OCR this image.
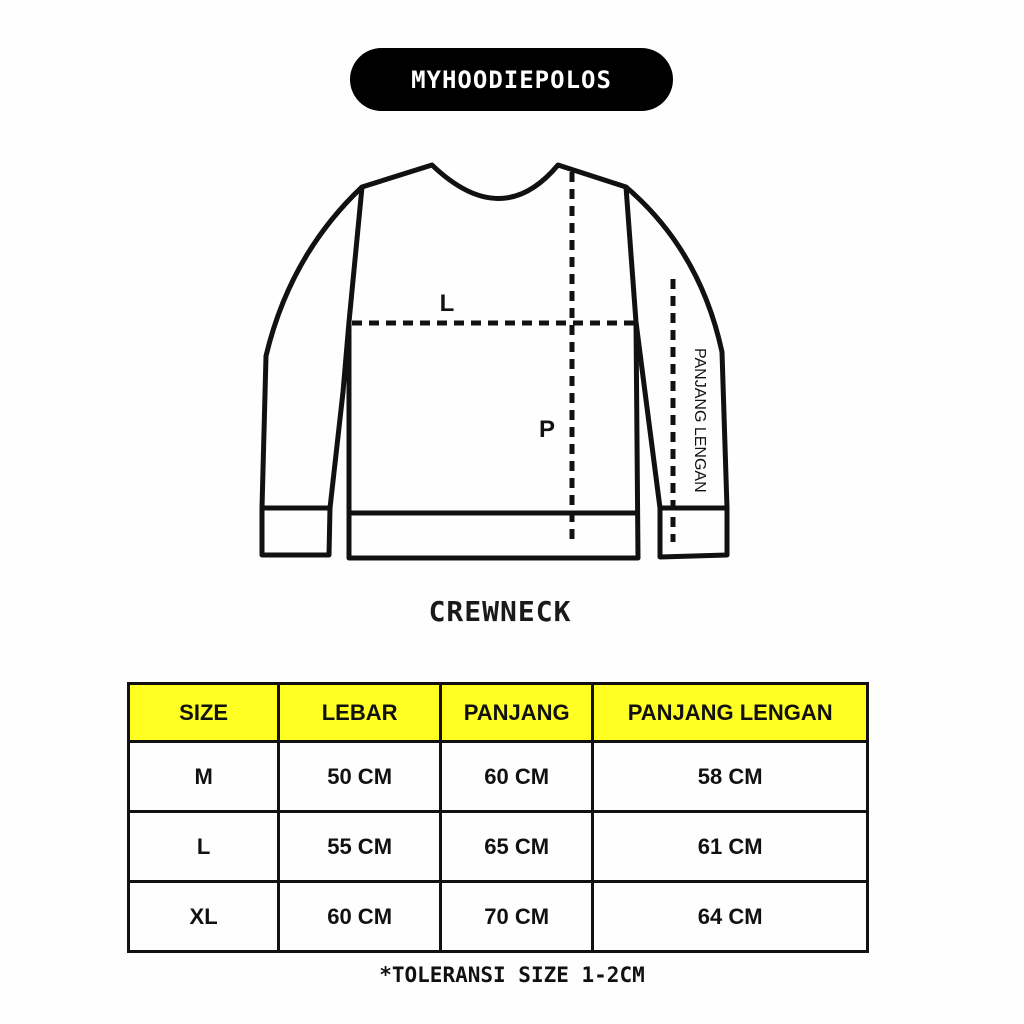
MYHOODIEPOLOS
L
P	PANJANG LENGAN
CREWNECK
SIZE	LEBAR	PANJANG	PANJANG LENGAN
M	50 CM	60 CM	58 CM
L	55 CM	65 CM	61 CM
XL	60 CM	70 CM	64 CM
*TOLERANSI SIZE 1-2CM
